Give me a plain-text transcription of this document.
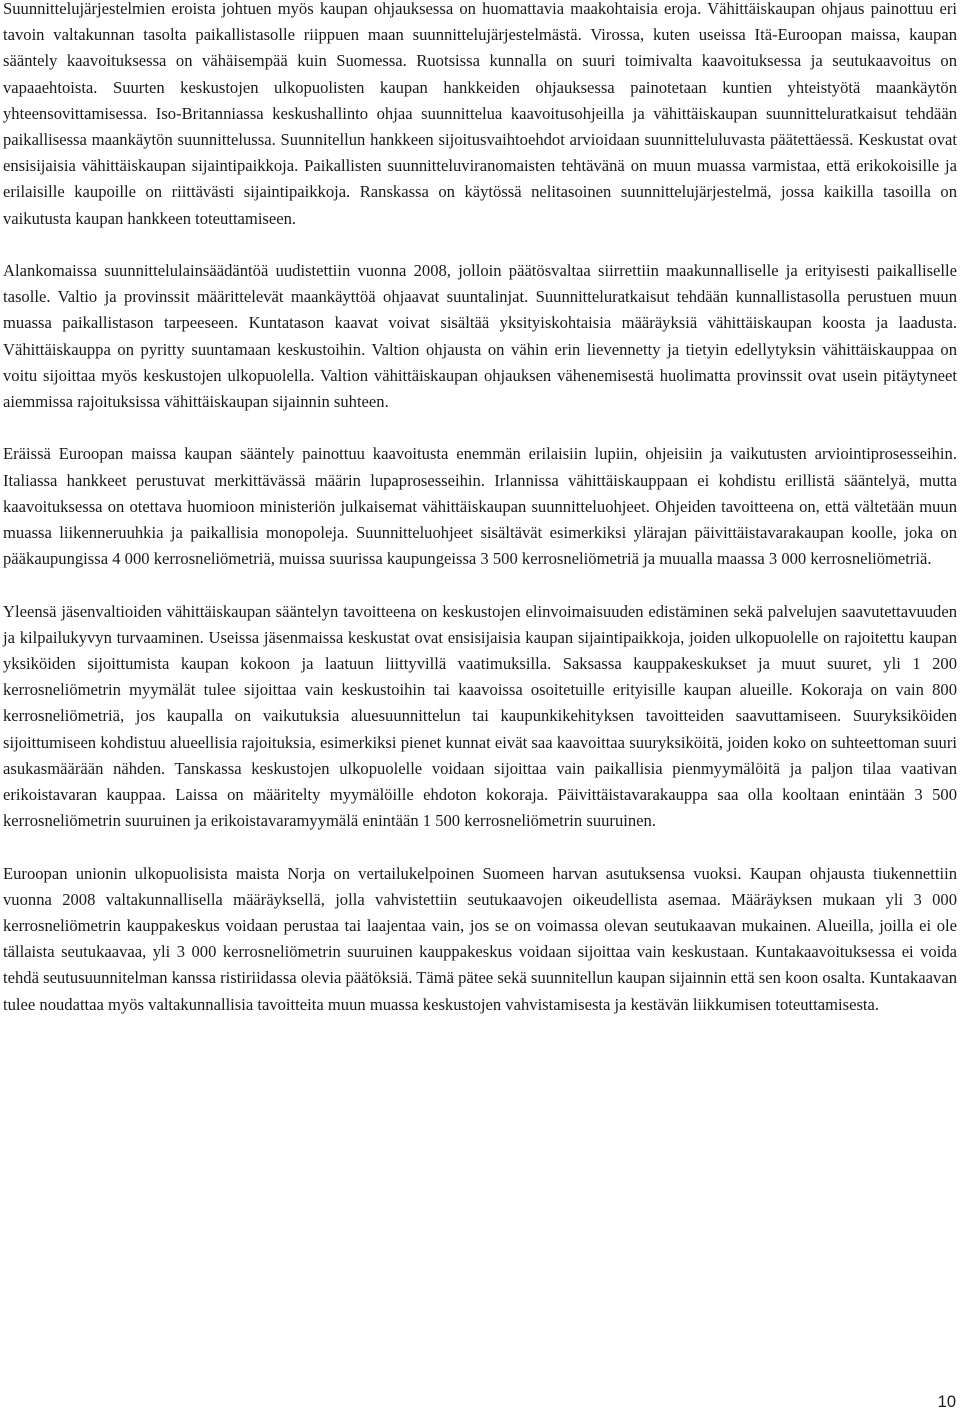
Suunnittelujärjestelmien eroista johtuen myös kaupan ohjauksessa on huomattavia maakohtaisia eroja. Vähittäiskaupan ohjaus painottuu eri tavoin valtakunnan tasolta paikallistasolle riippuen maan suunnittelujärjestelmästä. Virossa, kuten useissa Itä-Euroopan maissa, kaupan sääntely kaavoituksessa on vähäisempää kuin Suomessa. Ruotsissa kunnalla on suuri toimivalta kaavoituksessa ja seutukaavoitus on vapaaehtoista. Suurten keskustojen ulkopuolisten kaupan hankkeiden ohjauksessa painotetaan kuntien yhteistyötä maankäytön yhteensovittamisessa. Iso-Britanniassa keskushallinto ohjaa suunnittelua kaavoitusohjeilla ja vähittäiskaupan suunnitteluratkaisut tehdään paikallisessa maankäytön suunnittelussa. Suunnitellun hankkeen sijoitusvaihtoehdot arvioidaan suunnitteluluvasta päätettäessä. Keskustat ovat ensisijaisia vähittäiskaupan sijaintipaikkoja. Paikallisten suunnitteluviranomaisten tehtävänä on muun muassa varmistaa, että erikokoisille ja erilaisille kaupoille on riittävästi sijaintipaikkoja. Ranskassa on käytössä nelitasoinen suunnittelujärjestelmä, jossa kaikilla tasoilla on vaikutusta kaupan hankkeen toteuttamiseen.

Alankomaissa suunnittelulainsäädäntöä uudistettiin vuonna 2008, jolloin päätösvaltaa siirrettiin maakunnalliselle ja erityisesti paikalliselle tasolle. Valtio ja provinssit määrittelevät maankäyttöä ohjaavat suuntalinjat. Suunnitteluratkaisut tehdään kunnallistasolla perustuen muun muassa paikallistason tarpeeseen. Kuntatason kaavat voivat sisältää yksityiskohtaisia määräyksiä vähittäiskaupan koosta ja laadusta. Vähittäiskauppa on pyritty suuntamaan keskustoihin. Valtion ohjausta on vähin erin lievennetty ja tietyin edellytyksin vähittäiskauppaa on voitu sijoittaa myös keskustojen ulkopuolella. Valtion vähittäiskaupan ohjauksen vähenemisestä huolimatta provinssit ovat usein pitäytyneet aiemmissa rajoituksissa vähittäiskaupan sijainnin suhteen.

Eräissä Euroopan maissa kaupan sääntely painottuu kaavoitusta enemmän erilaisiin lupiin, ohjeisiin ja vaikutusten arviointiprosesseihin. Italiassa hankkeet perustuvat merkittävässä määrin lupaprosesseihin. Irlannissa vähittäiskauppaan ei kohdistu erillistä sääntelyä, mutta kaavoituksessa on otettava huomioon ministeriön julkaisemat vähittäiskaupan suunnitteluohjeet. Ohjeiden tavoitteena on, että vältetään muun muassa liikenneruuhkia ja paikallisia monopoleja. Suunnitteluohjeet sisältävät esimerkiksi ylärajan päivittäistavarakaupan koolle, joka on pääkaupungissa 4 000 kerrosneliömetriä, muissa suurissa kaupungeissa 3 500 kerrosneliömetriä ja muualla maassa 3 000 kerrosneliömetriä.

Yleensä jäsenvaltioiden vähittäiskaupan sääntelyn tavoitteena on keskustojen elinvoimaisuuden edistäminen sekä palvelujen saavutettavuuden ja kilpailukyvyn turvaaminen. Useissa jäsenmaissa keskustat ovat ensisijaisia kaupan sijaintipaikkoja, joiden ulkopuolelle on rajoitettu kaupan yksiköiden sijoittumista kaupan kokoon ja laatuun liittyvillä vaatimuksilla. Saksassa kauppakeskukset ja muut suuret, yli 1 200 kerrosneliömetrin myymälät tulee sijoittaa vain keskustoihin tai kaavoissa osoitetuille erityisille kaupan alueille. Kokoraja on vain 800 kerrosneliömetriä, jos kaupalla on vaikutuksia aluesuunnittelun tai kaupunkikehityksen tavoitteiden saavuttamiseen. Suuryksiköiden sijoittumiseen kohdistuu alueellisia rajoituksia, esimerkiksi pienet kunnat eivät saa kaavoittaa suuryksiköitä, joiden koko on suhteettoman suuri asukasmäärään nähden. Tanskassa keskustojen ulkopuolelle voidaan sijoittaa vain paikallisia pienmyymälöitä ja paljon tilaa vaativan erikoistavaran kauppaa. Laissa on määritelty myymälöille ehdoton kokoraja. Päivittäistavarakauppa saa olla kooltaan enintään 3 500 kerrosneliömetrin suuruinen ja erikoistavaramyymälä enintään 1 500 kerrosneliömetrin suuruinen.

Euroopan unionin ulkopuolisista maista Norja on vertailukelpoinen Suomeen harvan asutuksensa vuoksi. Kaupan ohjausta tiukennettiin vuonna 2008 valtakunnallisella määräyksellä, jolla vahvistettiin seutukaavojen oikeudellista asemaa. Määräyksen mukaan yli 3 000 kerrosneliömetrin kauppakeskus voidaan perustaa tai laajentaa vain, jos se on voimassa olevan seutukaavan mukainen. Alueilla, joilla ei ole tällaista seutukaavaa, yli 3 000 kerrosneliömetrin suuruinen kauppakeskus voidaan sijoittaa vain keskustaan. Kuntakaavoituksessa ei voida tehdä seutusuunnitelman kanssa ristiriidassa olevia päätöksiä. Tämä pätee sekä suunnitellun kaupan sijainnin että sen koon osalta. Kuntakaavan tulee noudattaa myös valtakunnallisia tavoitteita muun muassa keskustojen vahvistamisesta ja kestävän liikkumisen toteuttamisesta.

10
